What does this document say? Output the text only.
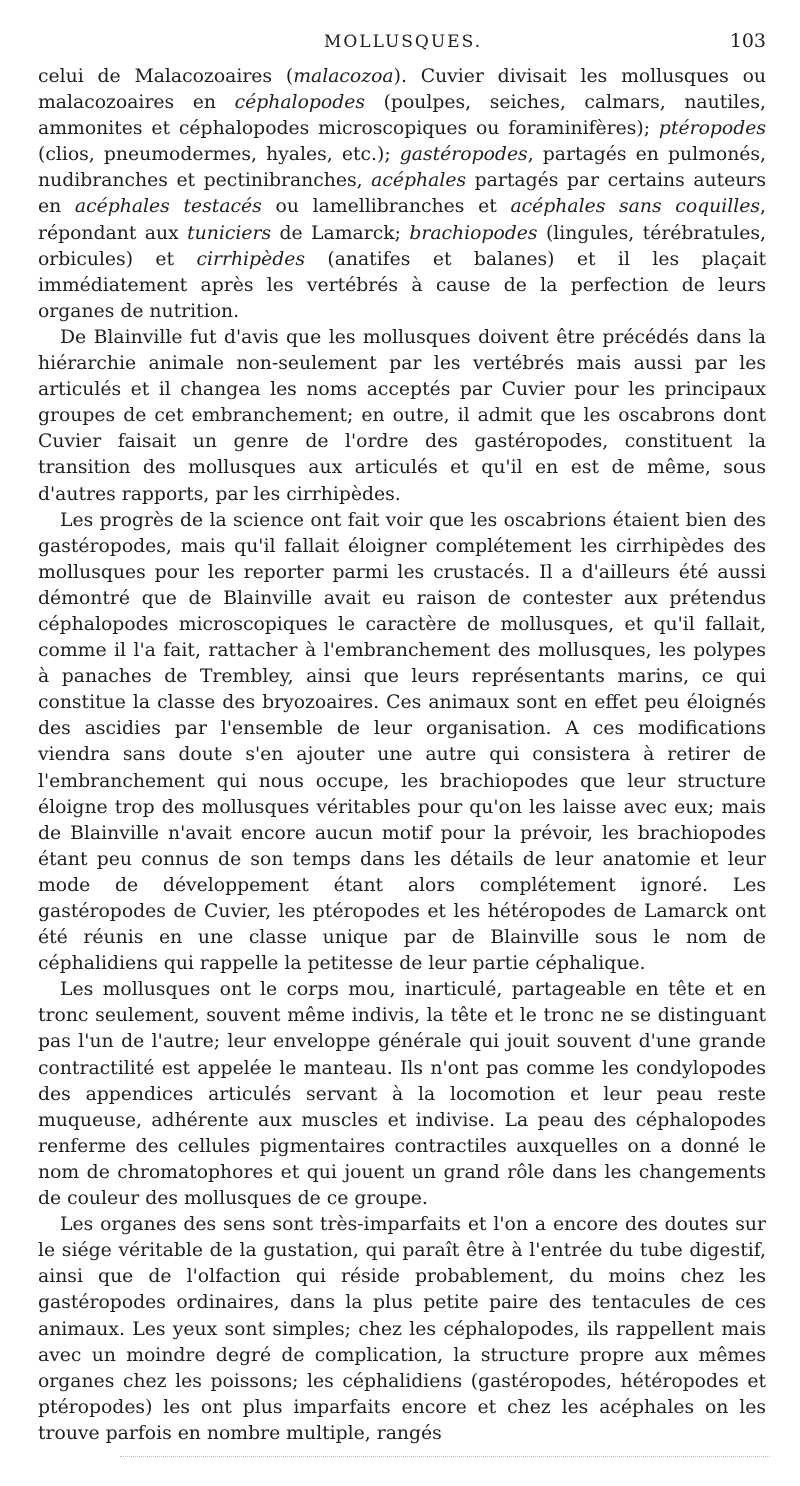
MOLLUSQUES.	103

celui de Malacozoaires (malacozoa). Cuvier divisait les mollusques ou malacozoaires en céphalopodes (poulpes, seiches, calmars, nautiles, ammonites et céphalopodes microscopiques ou foraminifères); ptéropodes (clios, pneumodermes, hyales, etc.); gastéropodes, partagés en pulmonés, nudibranches et pectinibranches, acéphales partagés par certains auteurs en acéphales testacés ou lamellibranches et acéphales sans coquilles, répondant aux tuniciers de Lamarck; brachiopodes (lingules, térébratules, orbicules) et cirrhipèdes (anatifes et balanes) et il les plaçait immédiatement après les vertébrés à cause de la perfection de leurs organes de nutrition.

De Blainville fut d'avis que les mollusques doivent être précédés dans la hiérarchie animale non-seulement par les vertébrés mais aussi par les articulés et il changea les noms acceptés par Cuvier pour les principaux groupes de cet embranchement; en outre, il admit que les oscabrons dont Cuvier faisait un genre de l'ordre des gastéropodes, constituent la transition des mollusques aux articulés et qu'il en est de même, sous d'autres rapports, par les cirrhipèdes.

Les progrès de la science ont fait voir que les oscabrions étaient bien des gastéropodes, mais qu'il fallait éloigner complétement les cirrhipèdes des mollusques pour les reporter parmi les crustacés. Il a d'ailleurs été aussi démontré que de Blainville avait eu raison de contester aux prétendus céphalopodes microscopiques le caractère de mollusques, et qu'il fallait, comme il l'a fait, rattacher à l'embranchement des mollusques, les polypes à panaches de Trembley, ainsi que leurs représentants marins, ce qui constitue la classe des bryozoaires. Ces animaux sont en effet peu éloignés des ascidies par l'ensemble de leur organisation. A ces modifications viendra sans doute s'en ajouter une autre qui consistera à retirer de l'embranchement qui nous occupe, les brachiopodes que leur structure éloigne trop des mollusques véritables pour qu'on les laisse avec eux; mais de Blainville n'avait encore aucun motif pour la prévoir, les brachiopodes étant peu connus de son temps dans les détails de leur anatomie et leur mode de développement étant alors complétement ignoré. Les gastéropodes de Cuvier, les ptéropodes et les hétéropodes de Lamarck ont été réunis en une classe unique par de Blainville sous le nom de céphalidiens qui rappelle la petitesse de leur partie céphalique.

Les mollusques ont le corps mou, inarticulé, partageable en tête et en tronc seulement, souvent même indivis, la tête et le tronc ne se distinguant pas l'un de l'autre; leur enveloppe générale qui jouit souvent d'une grande contractilité est appelée le manteau. Ils n'ont pas comme les condylopodes des appendices articulés servant à la locomotion et leur peau reste muqueuse, adhérente aux muscles et indivise. La peau des céphalopodes renferme des cellules pigmentaires contractiles auxquelles on a donné le nom de chromatophores et qui jouent un grand rôle dans les changements de couleur des mollusques de ce groupe.

Les organes des sens sont très-imparfaits et l'on a encore des doutes sur le siége véritable de la gustation, qui paraît être à l'entrée du tube digestif, ainsi que de l'olfaction qui réside probablement, du moins chez les gastéropodes ordinaires, dans la plus petite paire des tentacules de ces animaux. Les yeux sont simples; chez les céphalopodes, ils rappellent mais avec un moindre degré de complication, la structure propre aux mêmes organes chez les poissons; les céphalidiens (gastéropodes, hétéropodes et ptéropodes) les ont plus imparfaits encore et chez les acéphales on les trouve parfois en nombre multiple, rangés
